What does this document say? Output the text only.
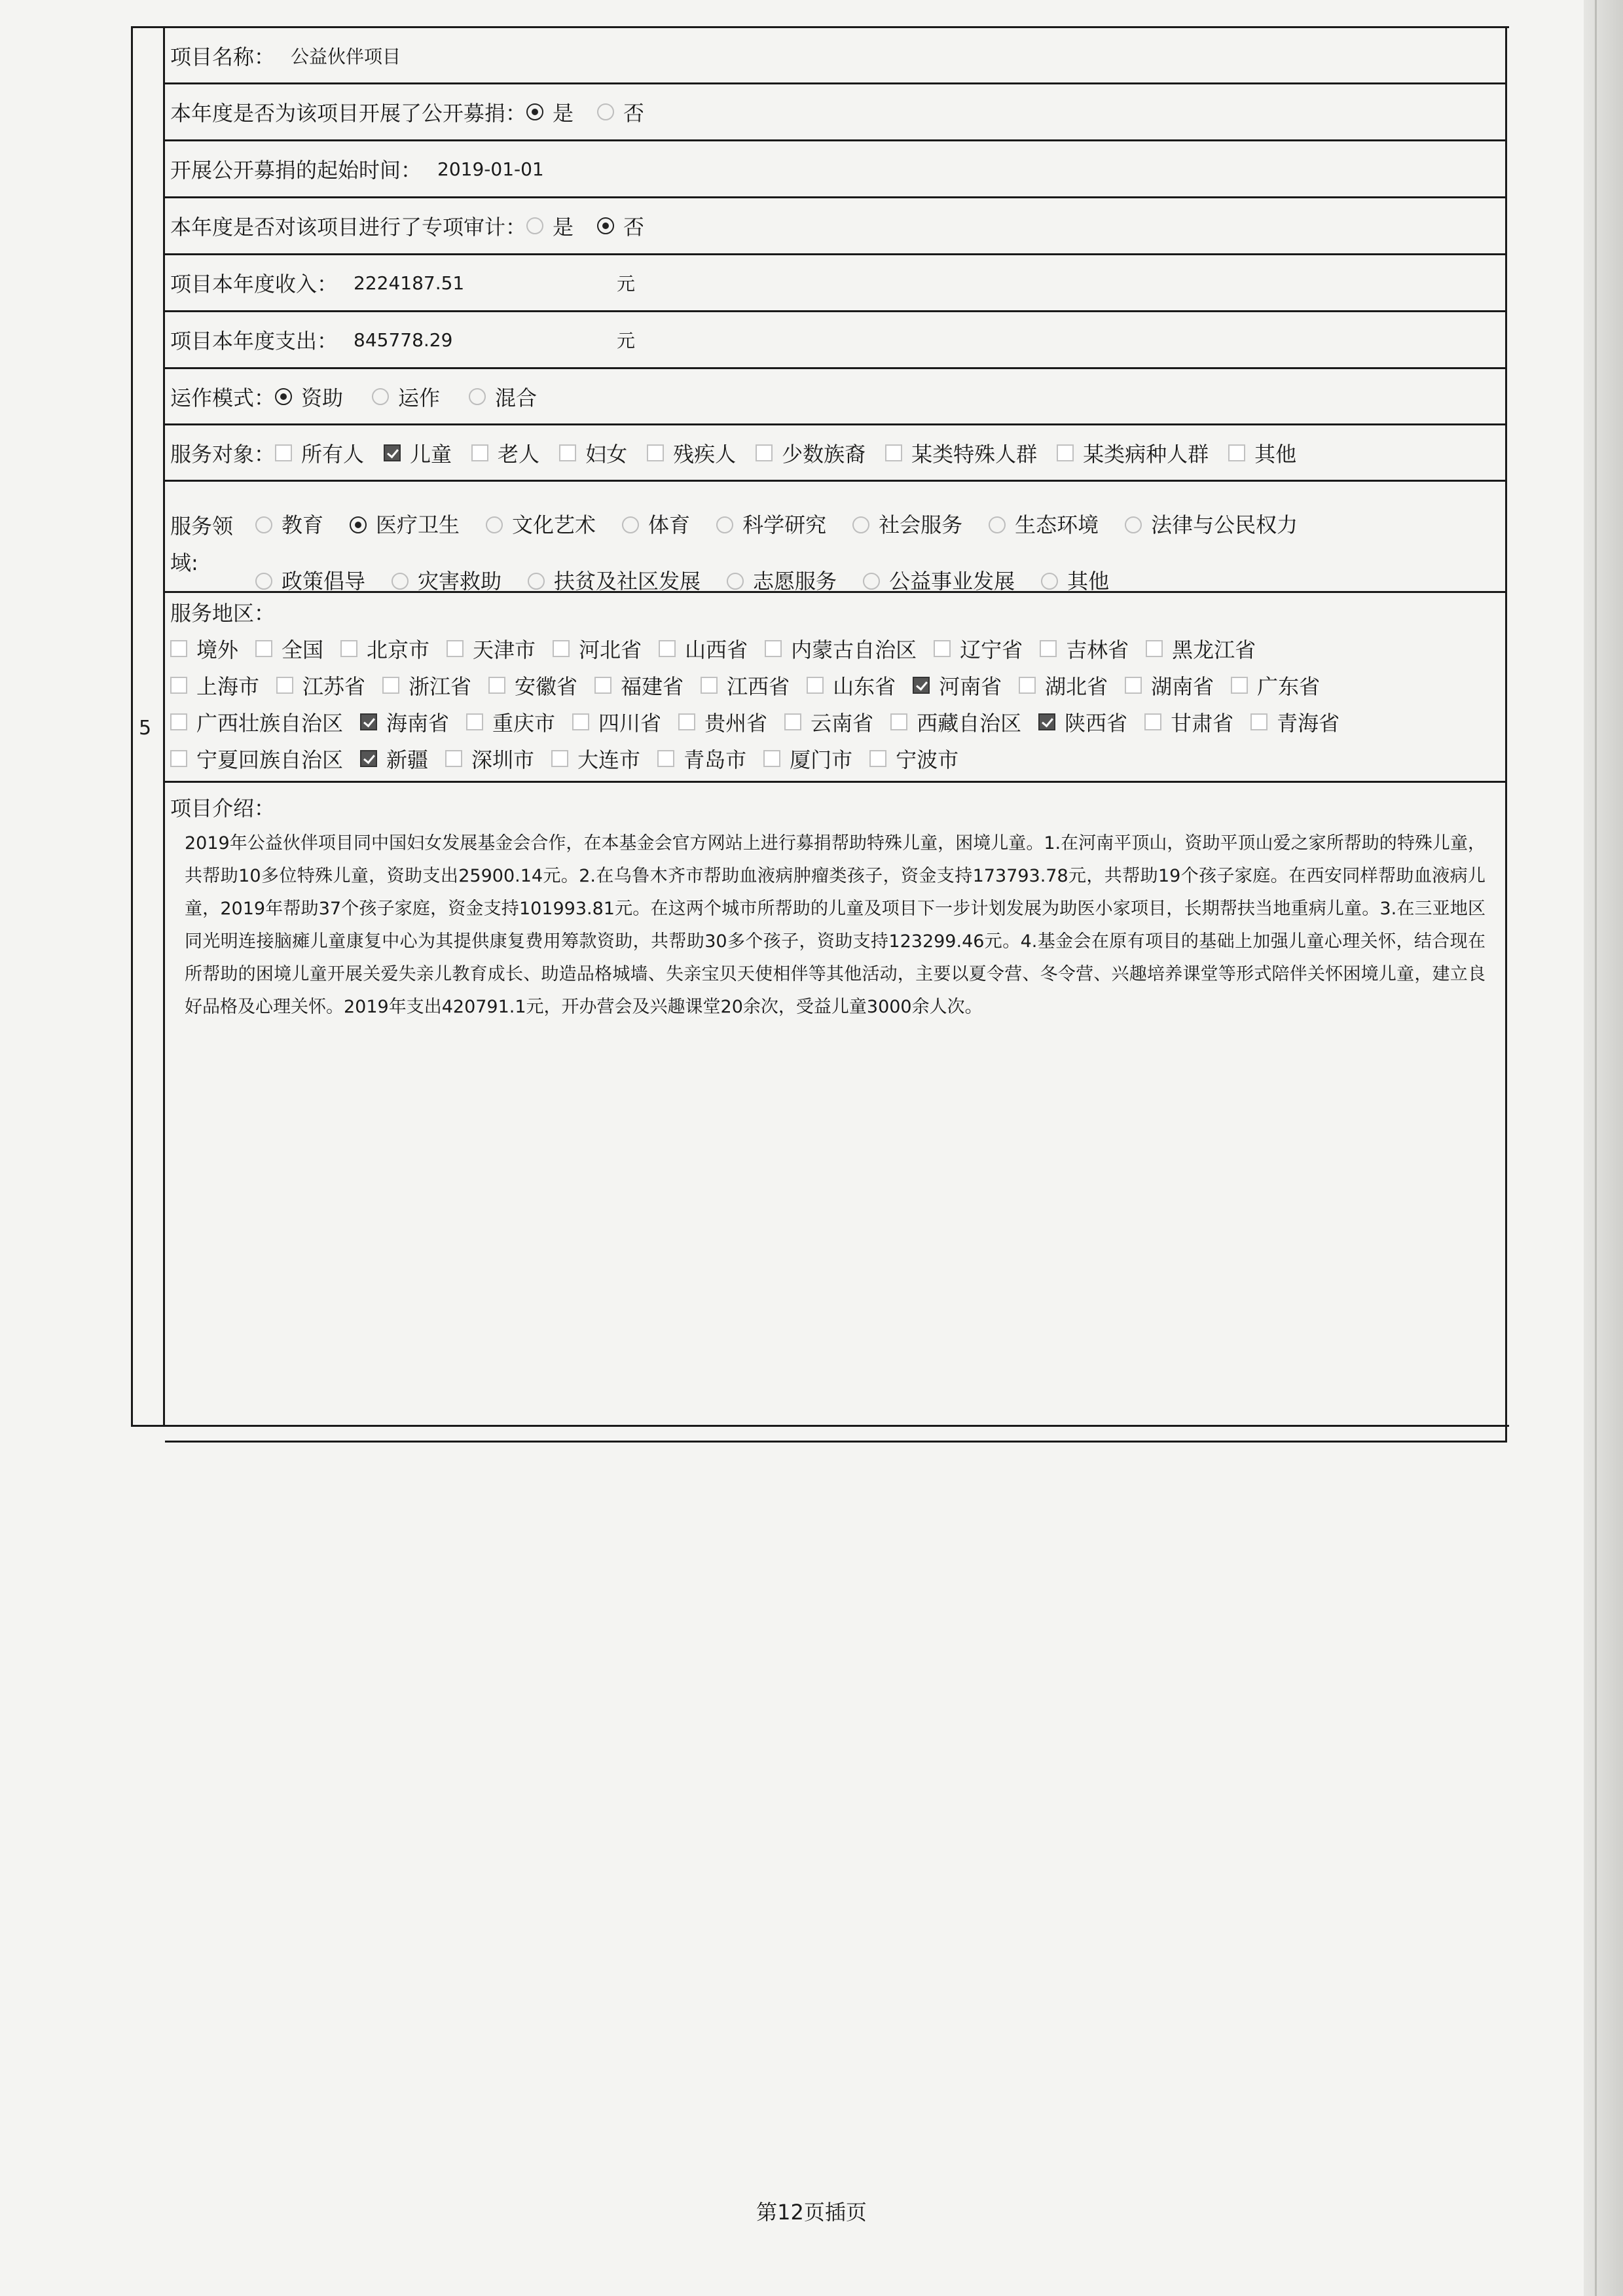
5
项目名称： 公益伙伴项目
本年度是否为该项目开展了公开募捐： 是 否
开展公开募捐的起始时间： 2019-01-01
本年度是否对该项目进行了专项审计： 是 否
项目本年度收入： 2224187.51	元
项目本年度支出： 845778.29	元
运作模式： 资助	运作	混合
服务对象： 所有人 儿童 老人 妇女 残疾人 少数族裔 某类特殊人群 某类病种人群 其他
服务领
域:
教育	医疗卫生	文化艺术	体育	科学研究	社会服务	生态环境	法律与公民权力
政策倡导	灾害救助	扶贫及社区发展	志愿服务	公益事业发展	其他
服务地区：
境外 全国 北京市 天津市 河北省 山西省 内蒙古自治区 辽宁省 吉林省 黑龙江省
上海市 江苏省 浙江省 安徽省 福建省 江西省 山东省 河南省 湖北省 湖南省 广东省
广西壮族自治区 海南省 重庆市 四川省 贵州省 云南省 西藏自治区 陕西省 甘肃省 青海省
宁夏回族自治区 新疆 深圳市 大连市 青岛市 厦门市 宁波市
项目介绍：
2019年公益伙伴项目同中国妇女发展基金会合作，在本基金会官方网站上进行募捐帮助特殊儿童，困境儿童。1.在河南平顶山，资助平顶山爱之家所帮助的特殊儿童，共帮助10多位特殊儿童，资助支出25900.14元。2.在乌鲁木齐市帮助血液病肿瘤类孩子，资金支持173793.78元，共帮助19个孩子家庭。在西安同样帮助血液病儿童，2019年帮助37个孩子家庭，资金支持101993.81元。在这两个城市所帮助的儿童及项目下一步计划发展为助医小家项目，长期帮扶当地重病儿童。3.在三亚地区同光明连接脑瘫儿童康复中心为其提供康复费用筹款资助，共帮助30多个孩子，资助支持123299.46元。4.基金会在原有项目的基础上加强儿童心理关怀，结合现在所帮助的困境儿童开展关爱失亲儿教育成长、助造品格城墙、失亲宝贝天使相伴等其他活动，主要以夏令营、冬令营、兴趣培养课堂等形式陪伴关怀困境儿童，建立良好品格及心理关怀。2019年支出420791.1元，开办营会及兴趣课堂20余次，受益儿童3000余人次。
第12页插页
